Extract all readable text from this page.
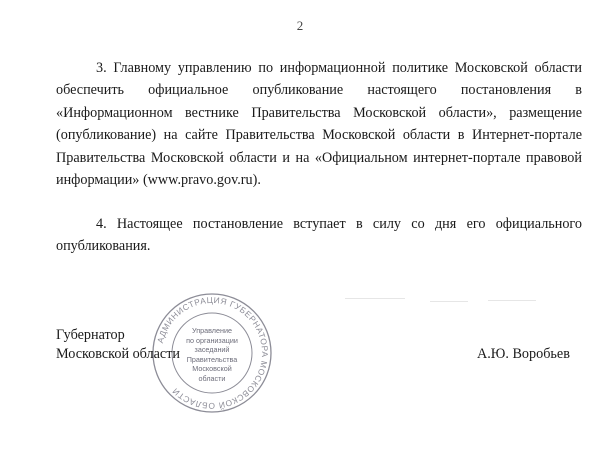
2

3. Главному управлению по информационной политике Московской области обеспечить официальное опубликование настоящего постановления в «Информационном вестнике Правительства Московской области», размещение (опубликование) на сайте Правительства Московской области в Интернет-портале Правительства Московской области и на «Официальном интернет-портале правовой информации» (www.pravo.gov.ru).

4. Настоящее постановление вступает в силу со дня его официального опубликования.

АДМИНИСТРАЦИЯ ГУБЕРНАТОРА МОСКОВСКОЙ ОБЛАСТИ
Управление
по организации
заседаний
Правительства
Московской
области
Губернатор
Московской области	А.Ю. Воробьев
